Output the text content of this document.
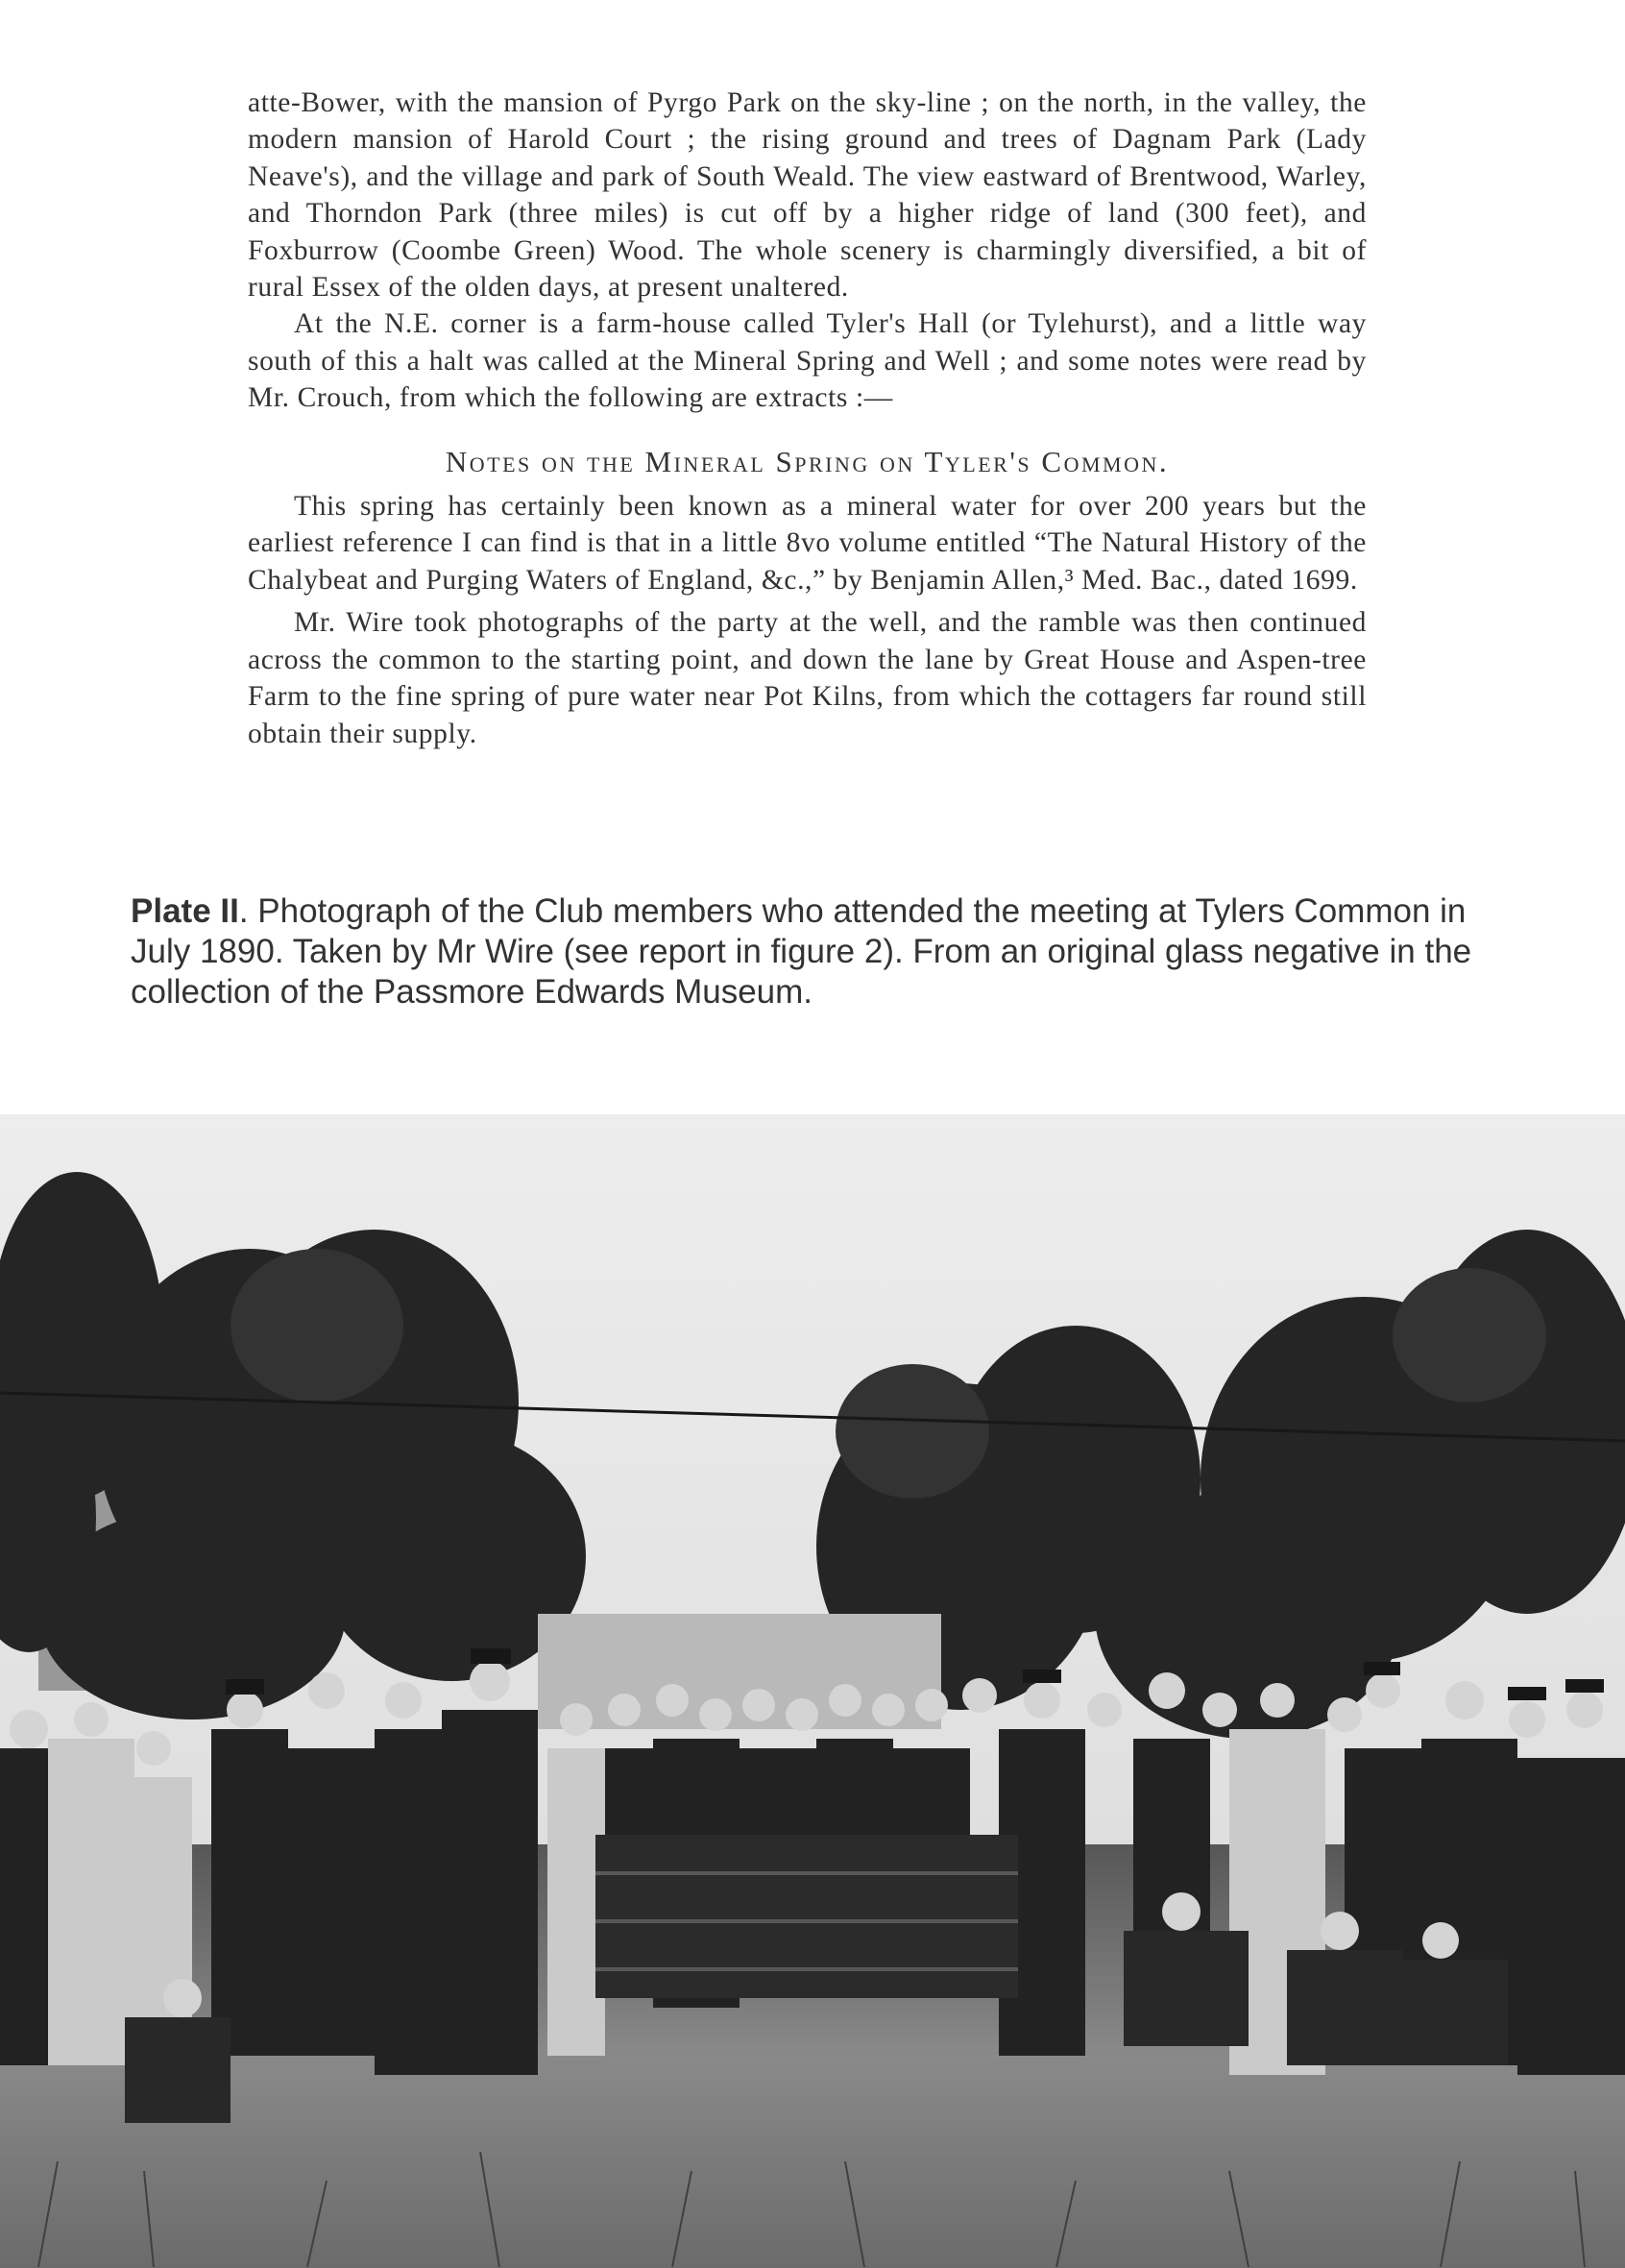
atte-Bower, with the mansion of Pyrgo Park on the sky-line ; on the north, in the valley, the modern mansion of Harold Court ; the rising ground and trees of Dagnam Park (Lady Neave's), and the village and park of South Weald. The view eastward of Brentwood, Warley, and Thorndon Park (three miles) is cut off by a higher ridge of land (300 feet), and Foxburrow (Coombe Green) Wood. The whole scenery is charmingly diversified, a bit of rural Essex of the olden days, at present unaltered.

At the N.E. corner is a farm-house called Tyler's Hall (or Tylehurst), and a little way south of this a halt was called at the Mineral Spring and Well ; and some notes were read by Mr. Crouch, from which the following are extracts :—

Notes on the Mineral Spring on Tyler's Common.

This spring has certainly been known as a mineral water for over 200 years but the earliest reference I can find is that in a little 8vo volume entitled “The Natural History of the Chalybeat and Purging Waters of England, &c.,” by Benjamin Allen,³ Med. Bac., dated 1699.

Mr. Wire took photographs of the party at the well, and the ramble was then continued across the common to the starting point, and down the lane by Great House and Aspen-tree Farm to the fine spring of pure water near Pot Kilns, from which the cottagers far round still obtain their supply.

Plate II. Photograph of the Club members who attended the meeting at Tylers Common in July 1890. Taken by Mr Wire (see report in figure 2). From an original glass negative in the collection of the Passmore Edwards Museum.
